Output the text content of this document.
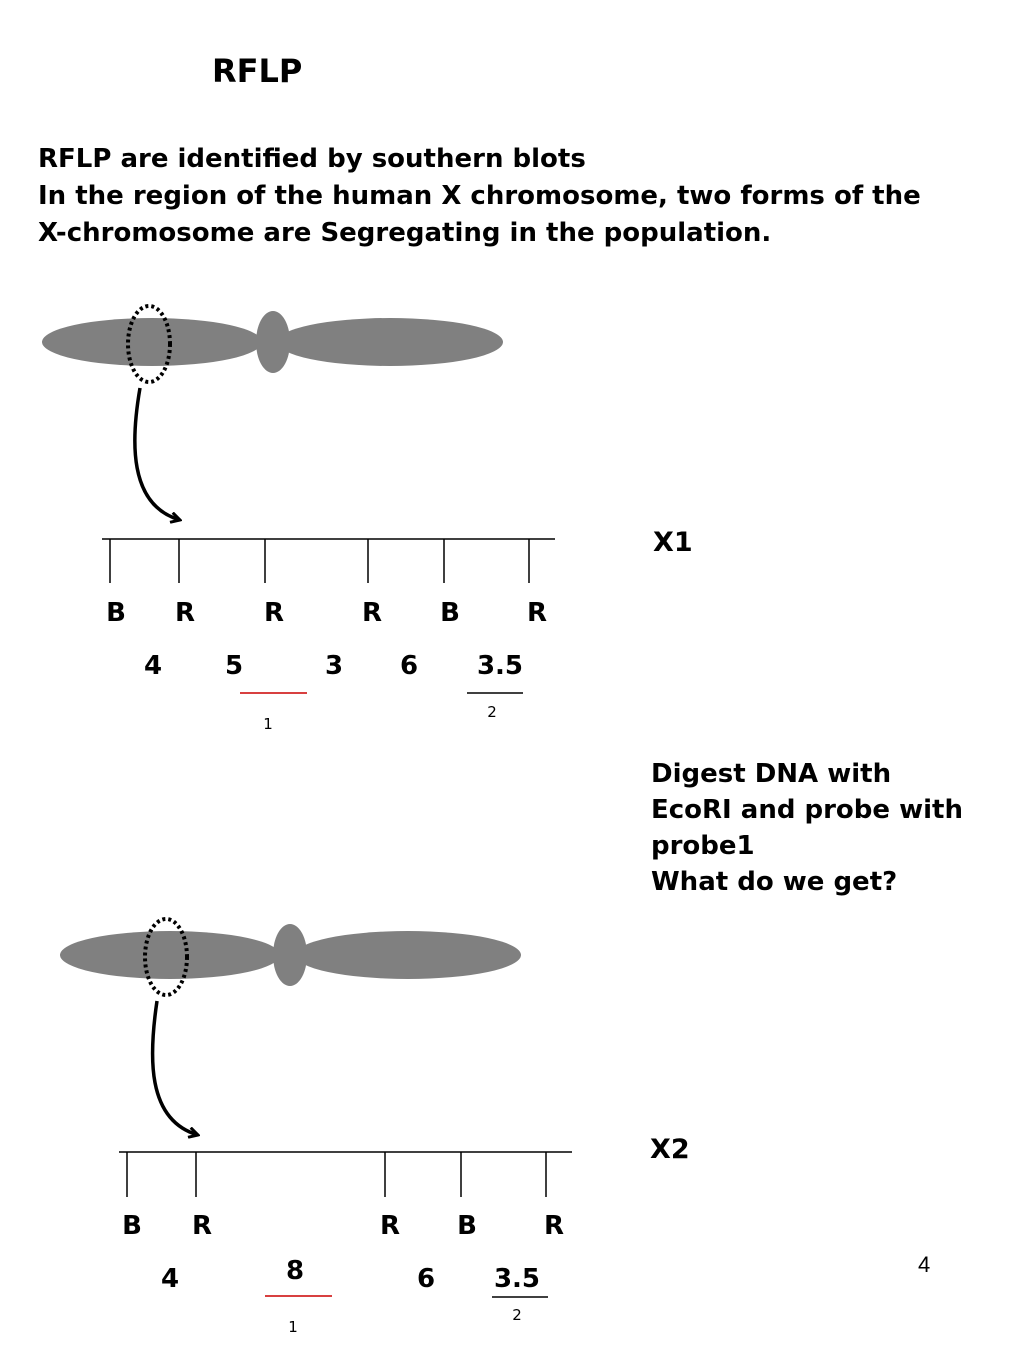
RFLP
RFLP are identified by southern blots
In the region of the human X chromosome, two forms of the
X-chromosome are Segregating in the population.
X1
X2
Digest DNA with
EcoRI and probe with
probe1
What do we get?
4
B R	R	R B	R
4 5	3 6 3.5
1
2
B R	R B	R
4	8	6 3.5
1
2
